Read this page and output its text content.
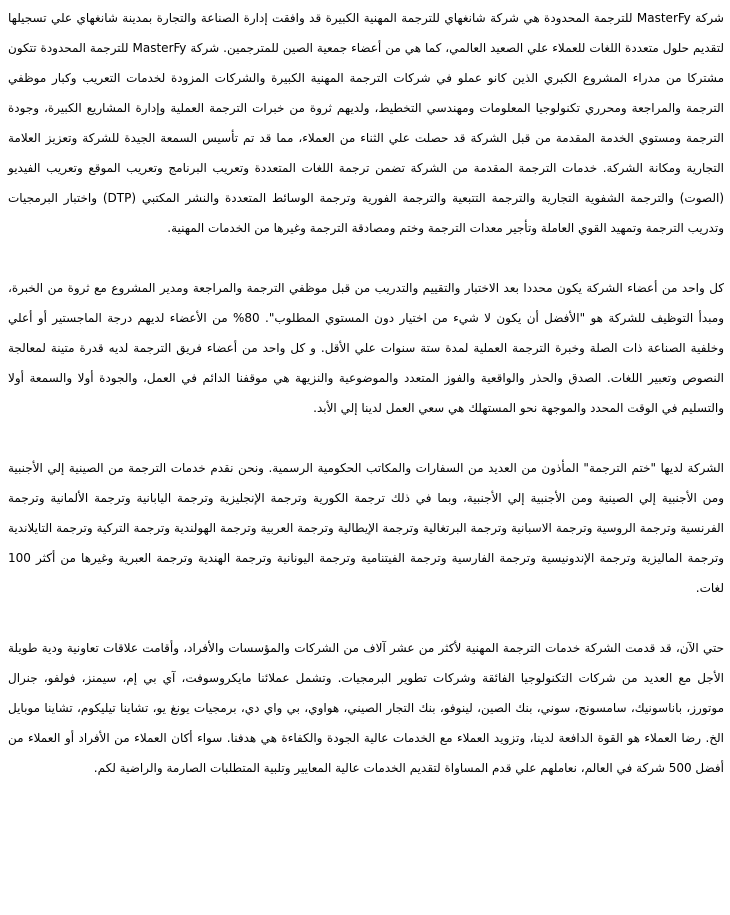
شركة MasterFy للترجمة المحدودة هي شركة شانغهاي للترجمة المهنية الكبيرة قد وافقت إدارة الصناعة والتجارة بمدينة شانغهاي علي تسجيلها لتقديم حلول متعددة اللغات للعملاء علي الصعيد العالمي، كما هي من أعضاء جمعية الصين للمترجمين. شركة MasterFy للترجمة المحدودة تتكون مشتركا من مدراء المشروع الكبري الذين كانو عملو في شركات الترجمة المهنية الكبيرة والشركات المزودة لخدمات التعريب وكبار موظفي الترجمة والمراجعة ومحرري تكنولوجيا المعلومات ومهندسي التخطيط، ولديهم ثروة من خبرات الترجمة العملية وإدارة المشاريع الكبيرة، وجودة الترجمة ومستوي الخدمة المقدمة من قبل الشركة قد حصلت علي الثناء من العملاء، مما قد تم تأسيس السمعة الجيدة للشركة وتعزيز العلامة التجارية ومكانة الشركة. خدمات الترجمة المقدمة من الشركة تضمن ترجمة اللغات المتعددة وتعريب البرنامج وتعريب الموقع وتعريب الفيديو (الصوت) والترجمة الشفوية التجارية والترجمة التتبعية والترجمة الفورية وترجمة الوسائط المتعددة والنشر المكتبي (DTP) واختبار البرمجيات وتدريب الترجمة وتمهيد القوي العاملة وتأجير معدات الترجمة وختم ومصادقة الترجمة وغيرها من الخدمات المهنية.

كل واحد من أعضاء الشركة يكون محددا بعد الاختبار والتقييم والتدريب من قبل موظفي الترجمة والمراجعة ومدير المشروع مع ثروة من الخبرة، ومبدأ التوظيف للشركة هو "الأفضل أن يكون لا شيء من اختيار دون المستوي المطلوب". 80% من الأعضاء لديهم درجة الماجستير أو أعلي وخلفية الصناعة ذات الصلة وخبرة الترجمة العملية لمدة ستة سنوات علي الأقل. و كل واحد من أعضاء فريق الترجمة لديه قدرة متينة لمعالجة النصوص وتعبير اللغات. الصدق والحذر والواقعية والفوز المتعدد والموضوعية والنزيهة هي موقفنا الدائم في العمل، والجودة أولا والسمعة أولا والتسليم في الوقت المحدد والموجهة نحو المستهلك هي سعي العمل لدينا إلي الأبد.

الشركة لديها "ختم الترجمة" المأذون من العديد من السفارات والمكاتب الحكومية الرسمية. ونحن نقدم خدمات الترجمة من الصينية إلي الأجنبية ومن الأجنبية إلي الصينية ومن الأجنبية إلي الأجنبية، وبما في ذلك ترجمة الكورية وترجمة الإنجليزية وترجمة اليابانية وترجمة الألمانية وترجمة الفرنسية وترجمة الروسية وترجمة الاسبانية وترجمة البرتغالية وترجمة الإيطالية وترجمة العربية وترجمة الهولندية وترجمة التركية وترجمة التايلاندية وترجمة الماليزية وترجمة الإندونيسية وترجمة الفارسية وترجمة الفيتنامية وترجمة اليونانية وترجمة الهندية وترجمة العبرية وغيرها من أكثر 100 لغات.

حتي الآن، قد قدمت الشركة خدمات الترجمة المهنية لأكثر من عشر آلاف من الشركات والمؤسسات والأفراد، وأقامت علاقات تعاونية ودية طويلة الأجل مع العديد من شركات التكنولوجيا الفائقة وشركات تطوير البرمجيات. وتشمل عملائنا مايكروسوفت، آي بي إم، سيمنز، فولفو، جنرال موتورز، باناسونيك، سامسونج، سوني، بنك الصين، لينوفو، بنك التجار الصيني، هواوي، بي واي دي، برمجيات يونغ يو، تشاينا تيليكوم، تشاينا موبايل الخ. رضا العملاء هو القوة الدافعة لدينا، وتزويد العملاء مع الخدمات عالية الجودة والكفاءة هي هدفنا. سواء أكان العملاء من الأفراد أو العملاء من أفضل 500 شركة في العالم، نعاملهم علي قدم المساواة لتقديم الخدمات عالية المعايير وتلبية المتطلبات الصارمة والراضية لكم.
